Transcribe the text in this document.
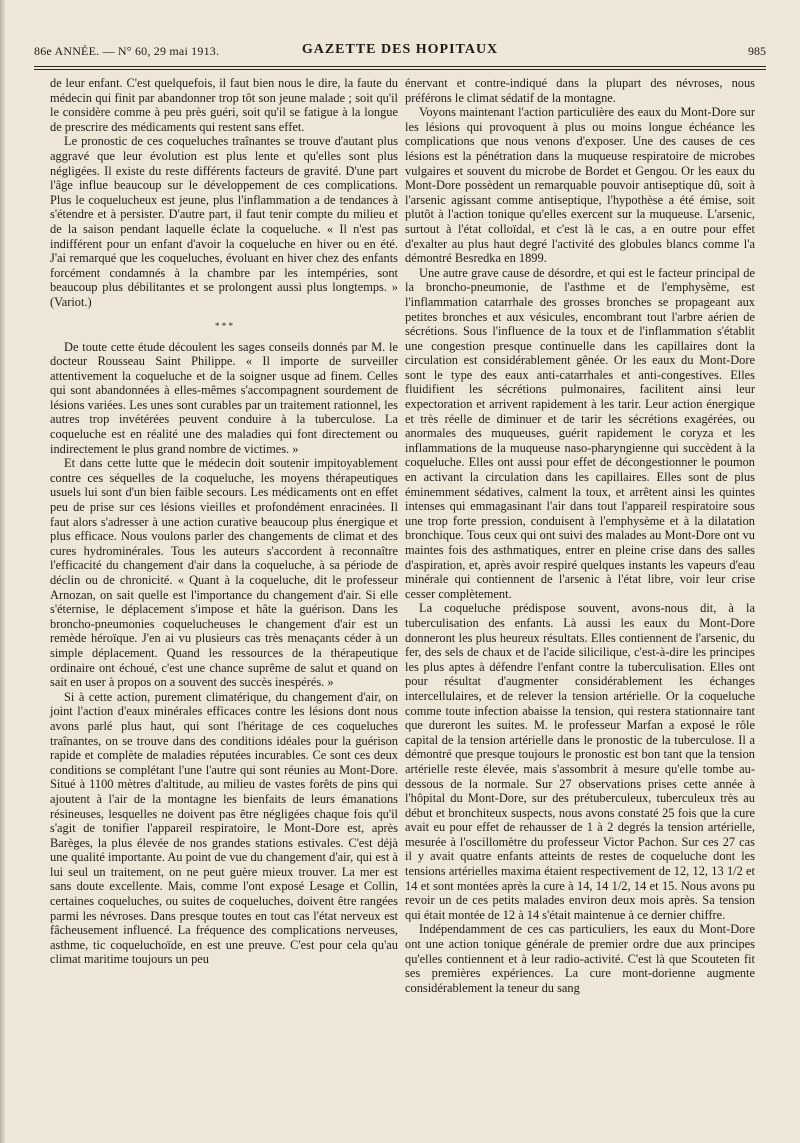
86e ANNÉE. — N° 60, 29 mai 1913.	GAZETTE DES HOPITAUX	985

de leur enfant. C'est quelquefois, il faut bien nous le dire, la faute du médecin qui finit par abandonner trop tôt son jeune malade ; soit qu'il le considère comme à peu près guéri, soit qu'il se fatigue à la longue de prescrire des médicaments qui restent sans effet.

Le pronostic de ces coqueluches traînantes se trouve d'autant plus aggravé que leur évolution est plus lente et qu'elles sont plus négligées. Il existe du reste différents facteurs de gravité. D'une part l'âge influe beaucoup sur le développement de ces complications. Plus le coquelucheux est jeune, plus l'inflammation a de tendances à s'étendre et à persister. D'autre part, il faut tenir compte du milieu et de la saison pendant laquelle éclate la coqueluche. « Il n'est pas indifférent pour un enfant d'avoir la coqueluche en hiver ou en été. J'ai remarqué que les coqueluches, évoluant en hiver chez des enfants forcément condamnés à la chambre par les intempéries, sont beaucoup plus débilitantes et se prolongent aussi plus longtemps. » (Variot.)

* * *

De toute cette étude découlent les sages conseils donnés par M. le docteur Rousseau Saint Philippe. « Il importe de surveiller attentivement la coqueluche et de la soigner usque ad finem. Celles qui sont abandonnées à elles-mêmes s'accompagnent sourdement de lésions variées. Les unes sont curables par un traitement rationnel, les autres trop invétérées peuvent conduire à la tuberculose. La coqueluche est en réalité une des maladies qui font directement ou indirectement le plus grand nombre de victimes. »

Et dans cette lutte que le médecin doit soutenir impitoyablement contre ces séquelles de la coqueluche, les moyens thérapeutiques usuels lui sont d'un bien faible secours. Les médicaments ont en effet peu de prise sur ces lésions vieilles et profondément enracinées. Il faut alors s'adresser à une action curative beaucoup plus énergique et plus efficace. Nous voulons parler des changements de climat et des cures hydrominérales. Tous les auteurs s'accordent à reconnaître l'efficacité du changement d'air dans la coqueluche, à sa période de déclin ou de chronicité. « Quant à la coqueluche, dit le professeur Arnozan, on sait quelle est l'importance du changement d'air. Si elle s'éternise, le déplacement s'impose et hâte la guérison. Dans les broncho-pneumonies coquelucheuses le changement d'air est un remède héroïque. J'en ai vu plusieurs cas très menaçants céder à un simple déplacement. Quand les ressources de la thérapeutique ordinaire ont échoué, c'est une chance suprême de salut et quand on sait en user à propos on a souvent des succès inespérés. »

Si à cette action, purement climatérique, du changement d'air, on joint l'action d'eaux minérales efficaces contre les lésions dont nous avons parlé plus haut, qui sont l'héritage de ces coqueluches traînantes, on se trouve dans des conditions idéales pour la guérison rapide et complète de maladies réputées incurables. Ce sont ces deux conditions se complétant l'une l'autre qui sont réunies au Mont-Dore. Situé à 1100 mètres d'altitude, au milieu de vastes forêts de pins qui ajoutent à l'air de la montagne les bienfaits de leurs émanations résineuses, lesquelles ne doivent pas être négligées chaque fois qu'il s'agit de tonifier l'appareil respiratoire, le Mont-Dore est, après Barèges, la plus élevée de nos grandes stations estivales. C'est déjà une qualité importante. Au point de vue du changement d'air, qui est à lui seul un traitement, on ne peut guère mieux trouver. La mer est sans doute excellente. Mais, comme l'ont exposé Lesage et Collin, certaines coqueluches, ou suites de coqueluches, doivent être rangées parmi les névroses. Dans presque toutes en tout cas l'état nerveux est fâcheusement influencé. La fréquence des complications nerveuses, asthme, tic coqueluchoïde, en est une preuve. C'est pour cela qu'au climat maritime toujours un peu

énervant et contre-indiqué dans la plupart des névroses, nous préférons le climat sédatif de la montagne.

Voyons maintenant l'action particulière des eaux du Mont-Dore sur les lésions qui provoquent à plus ou moins longue échéance les complications que nous venons d'exposer. Une des causes de ces lésions est la pénétration dans la muqueuse respiratoire de microbes vulgaires et souvent du microbe de Bordet et Gengou. Or les eaux du Mont-Dore possèdent un remarquable pouvoir antiseptique dû, soit à l'arsenic agissant comme antiseptique, l'hypothèse a été émise, soit plutôt à l'action tonique qu'elles exercent sur la muqueuse. L'arsenic, surtout à l'état colloïdal, et c'est là le cas, a en outre pour effet d'exalter au plus haut degré l'activité des globules blancs comme l'a démontré Besredka en 1899.

Une autre grave cause de désordre, et qui est le facteur principal de la broncho-pneumonie, de l'asthme et de l'emphysème, est l'inflammation catarrhale des grosses bronches se propageant aux petites bronches et aux vésicules, encombrant tout l'arbre aérien de sécrétions. Sous l'influence de la toux et de l'inflammation s'établit une congestion presque continuelle dans les capillaires dont la circulation est considérablement gênée. Or les eaux du Mont-Dore sont le type des eaux anti-catarrhales et anti-congestives. Elles fluidifient les sécrétions pulmonaires, facilitent ainsi leur expectoration et arrivent rapidement à les tarir. Leur action énergique et très réelle de diminuer et de tarir les sécrétions exagérées, ou anormales des muqueuses, guérit rapidement le coryza et les inflammations de la muqueuse naso-pharyngienne qui succèdent à la coqueluche. Elles ont aussi pour effet de décongestionner le poumon en activant la circulation dans les capillaires. Elles sont de plus éminemment sédatives, calment la toux, et arrêtent ainsi les quintes intenses qui emmagasinant l'air dans tout l'appareil respiratoire sous une trop forte pression, conduisent à l'emphysème et à la dilatation bronchique. Tous ceux qui ont suivi des malades au Mont-Dore ont vu maintes fois des asthmatiques, entrer en pleine crise dans des salles d'aspiration, et, après avoir respiré quelques instants les vapeurs d'eau minérale qui contiennent de l'arsenic à l'état libre, voir leur crise cesser complètement.

La coqueluche prédispose souvent, avons-nous dit, à la tuberculisation des enfants. Là aussi les eaux du Mont-Dore donneront les plus heureux résultats. Elles contiennent de l'arsenic, du fer, des sels de chaux et de l'acide silicilique, c'est-à-dire les principes les plus aptes à défendre l'enfant contre la tuberculisation. Elles ont pour résultat d'augmenter considérablement les échanges intercellulaires, et de relever la tension artérielle. Or la coqueluche comme toute infection abaisse la tension, qui restera stationnaire tant que dureront les suites. M. le professeur Marfan a exposé le rôle capital de la tension artérielle dans le pronostic de la tuberculose. Il a démontré que presque toujours le pronostic est bon tant que la tension artérielle reste élevée, mais s'assombrit à mesure qu'elle tombe au-dessous de la normale. Sur 27 observations prises cette année à l'hôpital du Mont-Dore, sur des prétuberculeux, tuberculeux très au début et bronchiteux suspects, nous avons constaté 25 fois que la cure avait eu pour effet de rehausser de 1 à 2 degrés la tension artérielle, mesurée à l'oscillomètre du professeur Victor Pachon. Sur ces 27 cas il y avait quatre enfants atteints de restes de coqueluche dont les tensions artérielles maxima étaient respectivement de 12, 12, 13 1/2 et 14 et sont montées après la cure à 14, 14 1/2, 14 et 15. Nous avons pu revoir un de ces petits malades environ deux mois après. Sa tension qui était montée de 12 à 14 s'était maintenue à ce dernier chiffre.

Indépendamment de ces cas particuliers, les eaux du Mont-Dore ont une action tonique générale de premier ordre due aux principes qu'elles contiennent et à leur radio-activité. C'est là que Scouteten fit ses premières expériences. La cure mont-dorienne augmente considérablement la teneur du sang
